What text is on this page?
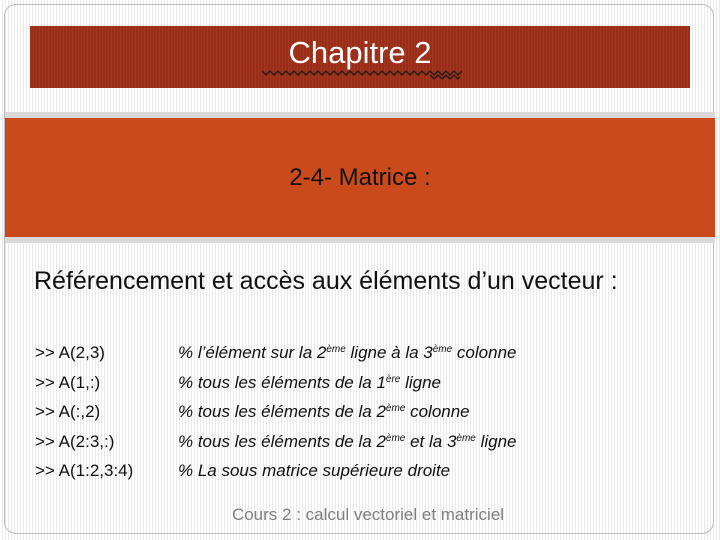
Chapitre 2
2-4- Matrice :
Référencement et accès aux éléments d’un vecteur :
>> A(2,3)
>> A(1,:)
>> A(:,2)
>> A(2:3,:)
>> A(1:2,3:4)
% l’élément sur la 2ème ligne à la 3ème colonne
% tous les éléments de la 1ère ligne
% tous les éléments de la 2ème colonne
% tous les éléments de la 2ème et la 3ème ligne
% La sous matrice supérieure droite
Cours 2 : calcul vectoriel et matriciel
